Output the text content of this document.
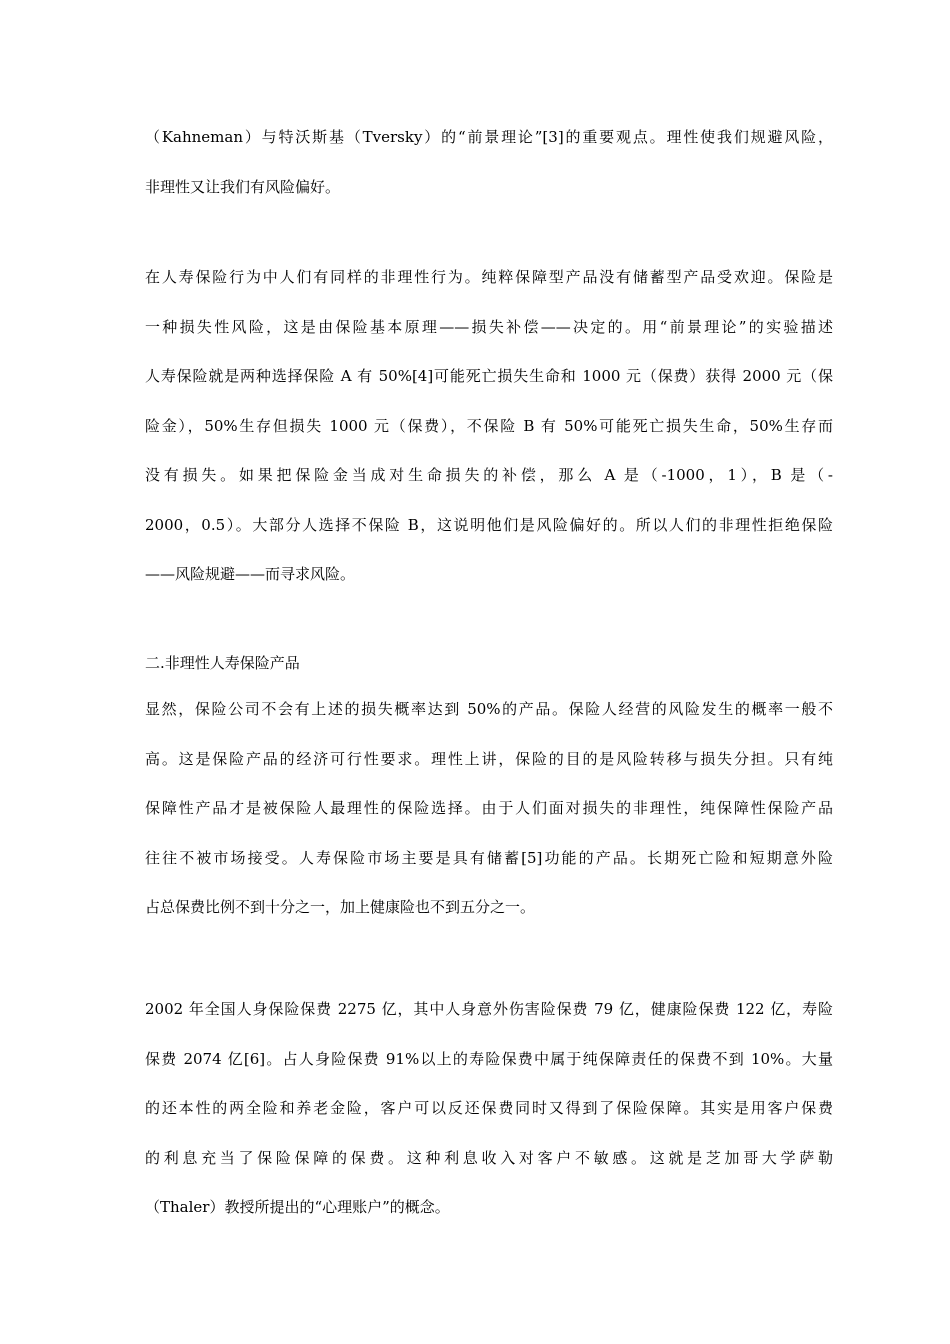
（Kahneman）与特沃斯基（Tversky）的“前景理论”[3]的重要观点。理性使我们规避风险，
非理性又让我们有风险偏好。
在人寿保险行为中人们有同样的非理性行为。纯粹保障型产品没有储蓄型产品受欢迎。保险是
一种损失性风险，这是由保险基本原理——损失补偿——决定的。用“前景理论”的实验描述
人寿保险就是两种选择保险 A 有 50%[4]可能死亡损失生命和 1000 元（保费）获得 2000 元（保
险金），50%生存但损失 1000 元（保费），不保险 B 有 50%可能死亡损失生命，50%生存而
没有损失。如果把保险金当成对生命损失的补偿，那么 A 是（-1000，1），B 是（-
2000，0.5）。大部分人选择不保险 B，这说明他们是风险偏好的。所以人们的非理性拒绝保险
——风险规避——而寻求风险。
二.非理性人寿保险产品
显然，保险公司不会有上述的损失概率达到 50%的产品。保险人经营的风险发生的概率一般不
高。这是保险产品的经济可行性要求。理性上讲，保险的目的是风险转移与损失分担。只有纯
保障性产品才是被保险人最理性的保险选择。由于人们面对损失的非理性，纯保障性保险产品
往往不被市场接受。人寿保险市场主要是具有储蓄[5]功能的产品。长期死亡险和短期意外险
占总保费比例不到十分之一，加上健康险也不到五分之一。
2002 年全国人身保险保费 2275 亿，其中人身意外伤害险保费 79 亿，健康险保费 122 亿，寿险
保费 2074 亿[6]。占人身险保费 91%以上的寿险保费中属于纯保障责任的保费不到 10%。大量
的还本性的两全险和养老金险，客户可以反还保费同时又得到了保险保障。其实是用客户保费
的利息充当了保险保障的保费。这种利息收入对客户不敏感。这就是芝加哥大学萨勒
（Thaler）教授所提出的“心理账户”的概念。
